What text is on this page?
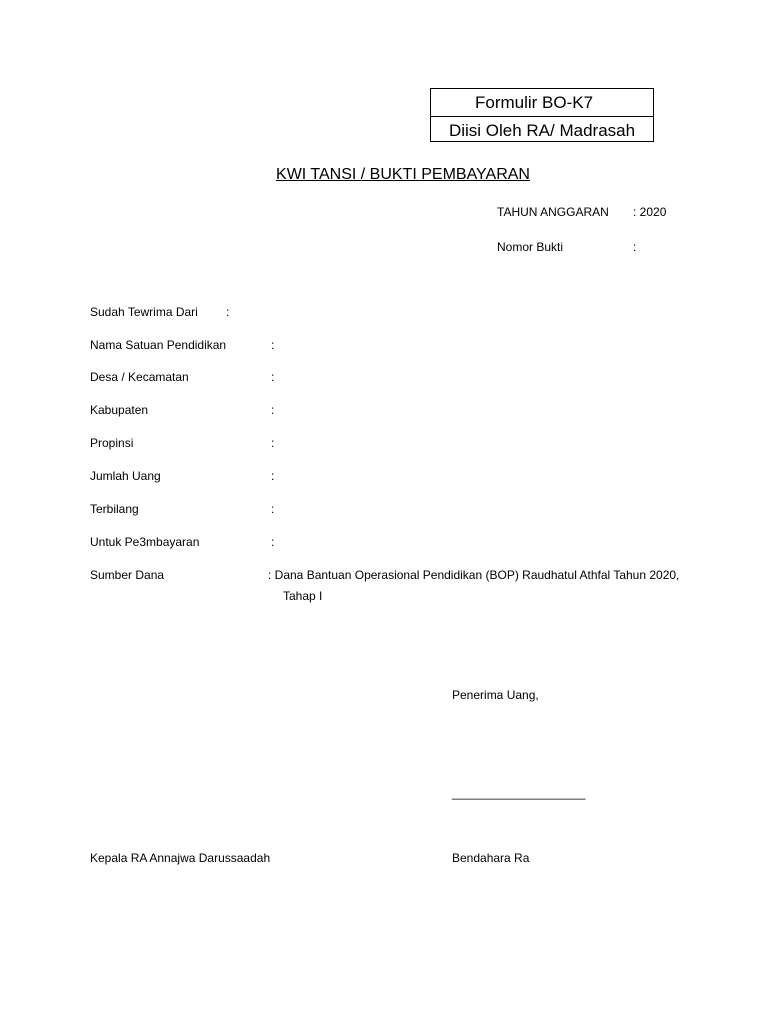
Formulir BO-K7
Diisi Oleh RA/ Madrasah
KWI TANSI / BUKTI PEMBAYARAN
TAHUN ANGGARAN : 2020
Nomor Bukti	:
Sudah Tewrima Dari :
Nama Satuan Pendidikan	:
Desa / Kecamatan	:
Kabupaten	:
Propinsi	:
Jumlah Uang	:
Terbilang	:
Untuk Pe3mbayaran	:
Sumber Dana	: Dana Bantuan Operasional Pendidikan (BOP) Raudhatul Athfal Tahun 2020,
Tahap I
Penerima Uang,
____________________
Kepala RA Annajwa Darussaadah	Bendahara Ra
